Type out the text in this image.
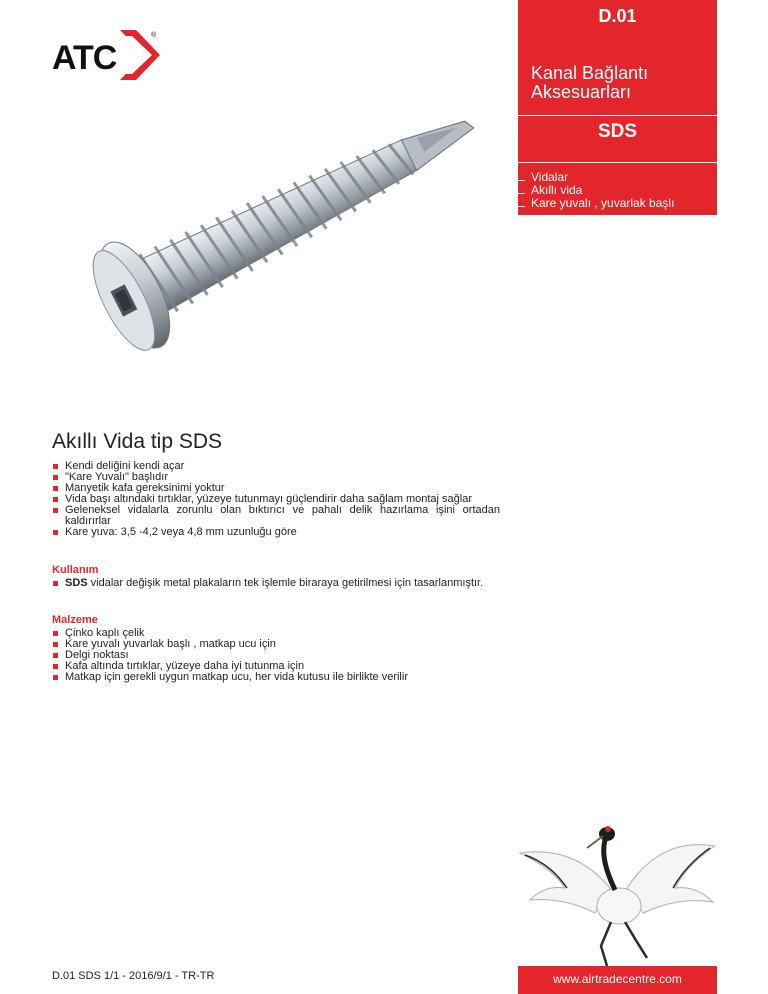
ATC
®
D.01
Kanal Bağlantı
Aksesuarları
SDS
Vidalar
Akıllı vida
Kare yuvalı , yuvarlak başlı
Akıllı Vida tip SDS
Kendi deliğini kendi açar
"Kare Yuvalı" başlıdır
Manyetik kafa gereksinimi yoktur
Vida başı altındaki tırtıklar, yüzeye tutunmayı güçlendirir daha sağlam montaj sağlar
Geleneksel vidalarla zorunlu olan bıktırıcı ve pahalı delik hazırlama işini ortadan kaldırırlar
Kare yuva: 3,5 -4,2 veya 4,8 mm uzunluğu göre
Kullanım
SDS vidalar değişik metal plakaların tek işlemle biraraya getirilmesi için tasarlanmıştır.
Malzeme
Çinko kaplı çelik
Kare yuvalı yuvarlak başlı , matkap ucu için
Delgi noktası
Kafa altında tırtıklar, yüzeye daha iyi tutunma için
Matkap için gerekli uygun matkap ucu, her vida kutusu ile birlikte verilir
D.01 SDS 1/1 - 2016/9/1 - TR-TR	www.airtradecentre.com
